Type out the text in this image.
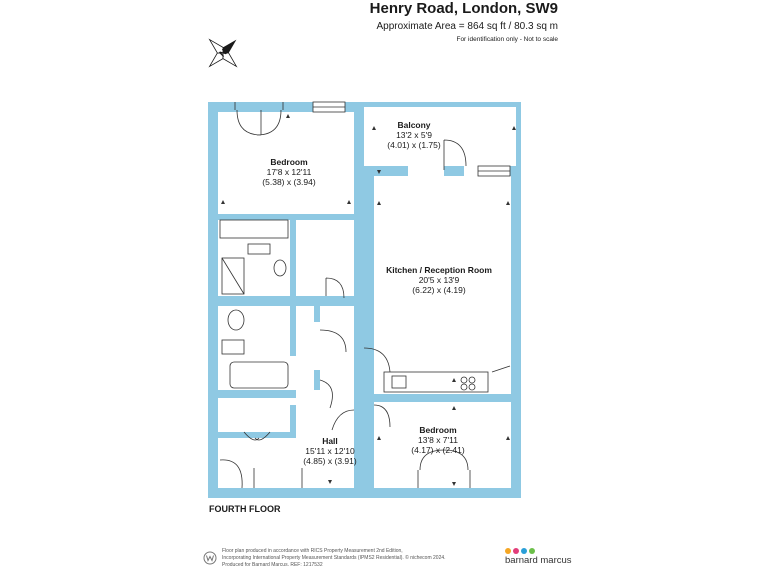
Henry Road, London, SW9
Approximate Area = 864 sq ft / 80.3 sq m
For identification only - Not to scale
N
Bedroom
17'8 x 12'11
(5.38) x (3.94)
Balcony
13'2 x 5'9
(4.01) x (1.75)
Kitchen / Reception Room
20'5 x 13'9
(6.22) x (4.19)
Hall
15'11 x 12'10
(4.85) x (3.91)
Bedroom
13'8 x 7'11
(4.17) x (2.41)
FOURTH FLOOR
Floor plan produced in accordance with RICS Property Measurement 2nd Edition,
Incorporating International Property Measurement Standards (IPMS2 Residential). © nichecom 2024.
Produced for Barnard Marcus. REF: 1217532	barnard marcus
